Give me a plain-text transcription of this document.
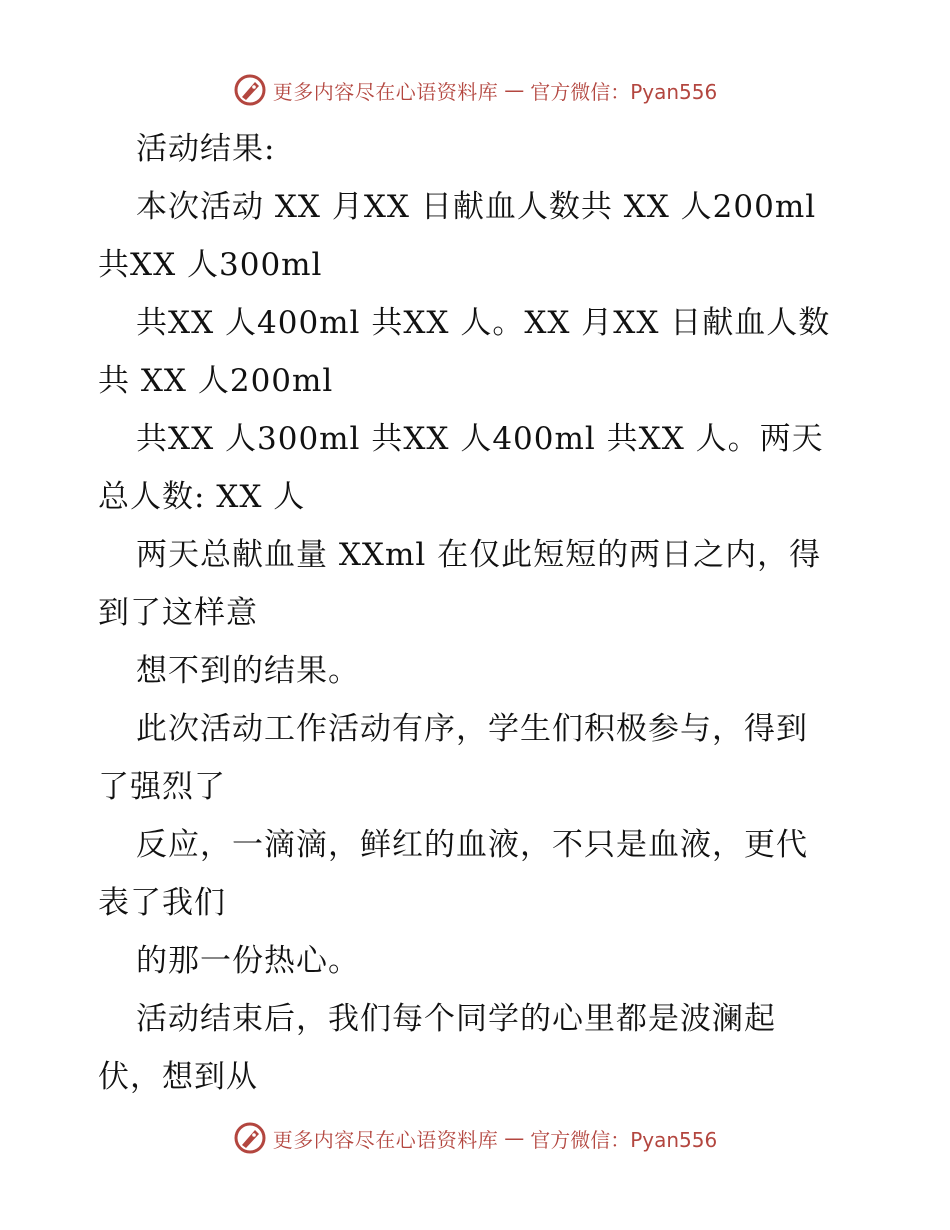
更多内容尽在心语资料库 — 官方微信：Pyan556
活动结果:
本次活动 XX 月XX 日献血人数共 XX 人200ml
共XX 人300ml
共XX 人400ml 共XX 人。XX 月XX 日献血人数
共 XX 人200ml
共XX 人300ml 共XX 人400ml 共XX 人。两天
总人数: XX 人
两天总献血量 XXml 在仅此短短的两日之内，得
到了这样意
想不到的结果。
此次活动工作活动有序，学生们积极参与，得到
了强烈了
反应，一滴滴，鲜红的血液，不只是血液，更代
表了我们
的那一份热心。
活动结束后，我们每个同学的心里都是波澜起
伏，想到从
更多内容尽在心语资料库 — 官方微信：Pyan556
